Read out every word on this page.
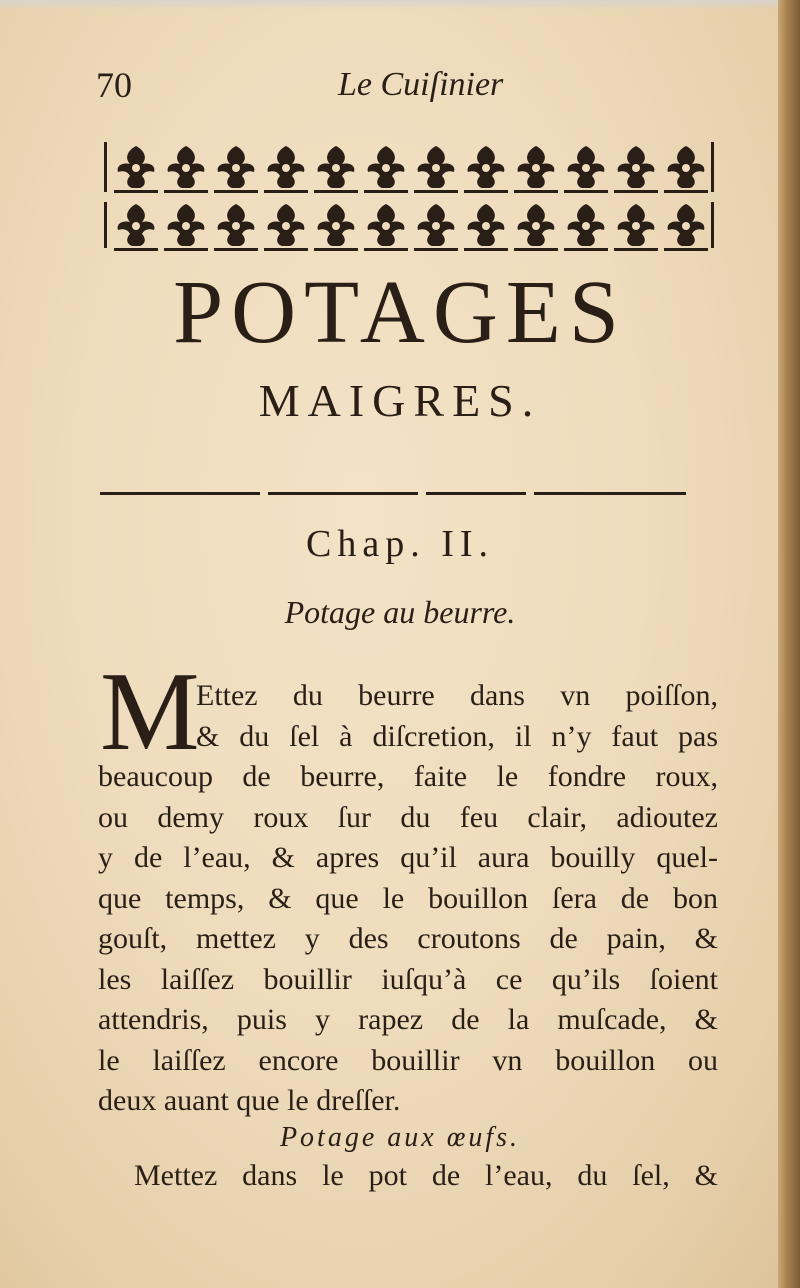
70	Le Cuiſinier
POTAGES
MAIGRES.
Chap. II.
Potage au beurre.
M
Ettez du beurre dans vn poiſſon,
& du ſel à diſcretion, il n’y faut pas
beaucoup de beurre, faite le fondre roux,
ou demy roux ſur du feu clair, adioutez
y de l’eau, & apres qu’il aura bouilly quel-
que temps, & que le bouillon ſera de bon
gouſt, mettez y des croutons de pain, &
les laiſſez bouillir iuſqu’à ce qu’ils ſoient
attendris, puis y rapez de la muſcade, &
le laiſſez encore bouillir vn bouillon ou
deux auant que le dreſſer.
Potage aux œufs.
Mettez dans le pot de l’eau, du ſel, &
